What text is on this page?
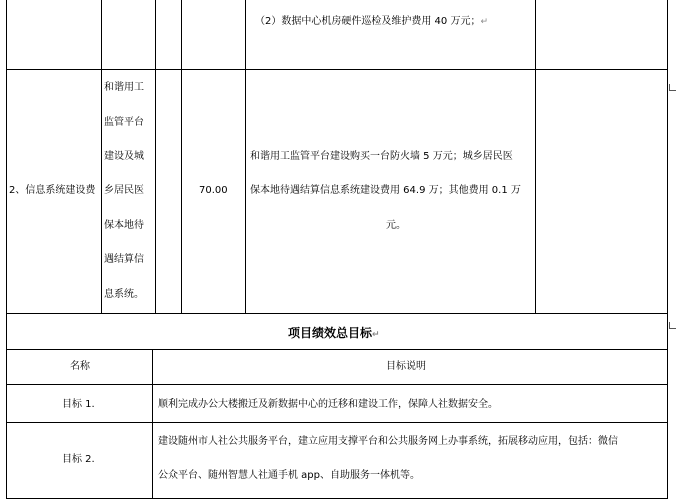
（2）数据中心机房硬件巡检及维护费用 40 万元；↵
2、信息系统建设费
和谐用工
监管平台
建设及城
乡居民医
保本地待
遇结算信
息系统。
70.00
和谐用工监管平台建设购买一台防火墙 5 万元；城乡居民医
保本地待遇结算信息系统建设费用 64.9 万；其他费用 0.1 万
元。
项目绩效总目标↵
名称	目标说明
目标 1.	顺利完成办公大楼搬迁及新数据中心的迁移和建设工作，保障人社数据安全。
目标 2.
建设随州市人社公共服务平台，建立应用支撑平台和公共服务网上办事系统，拓展移动应用，包括：微信
公众平台、随州智慧人社通手机 app、自助服务一体机等。
